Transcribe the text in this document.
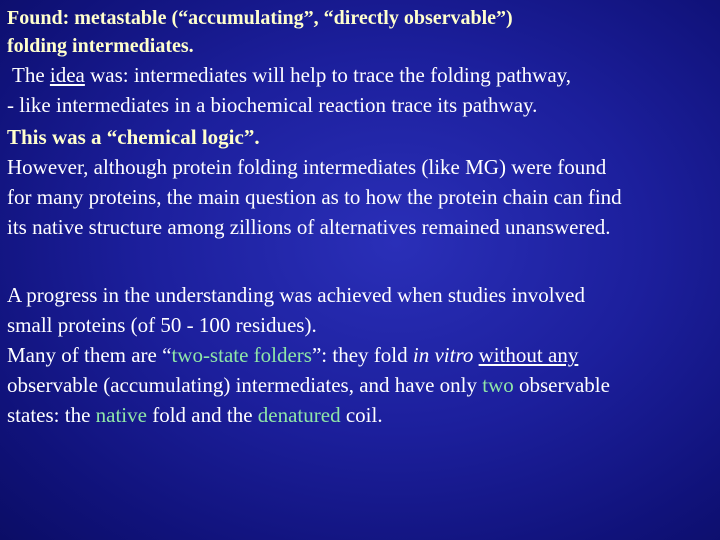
Found: metastable (“accumulating”, “directly observable”)
folding intermediates.
The idea was: intermediates will help to trace the folding pathway,
- like intermediates in a biochemical reaction trace its pathway.
This was a “chemical logic”.
However, although protein folding intermediates (like MG) were found
for many proteins, the main question as to how the protein chain can find
its native structure among zillions of alternatives remained unanswered.
A progress in the understanding was achieved when studies involved
small proteins (of 50 - 100 residues).
Many of them are “two-state folders”: they fold in vitro without any
observable (accumulating) intermediates, and have only two observable
states: the native fold and the denatured coil.
